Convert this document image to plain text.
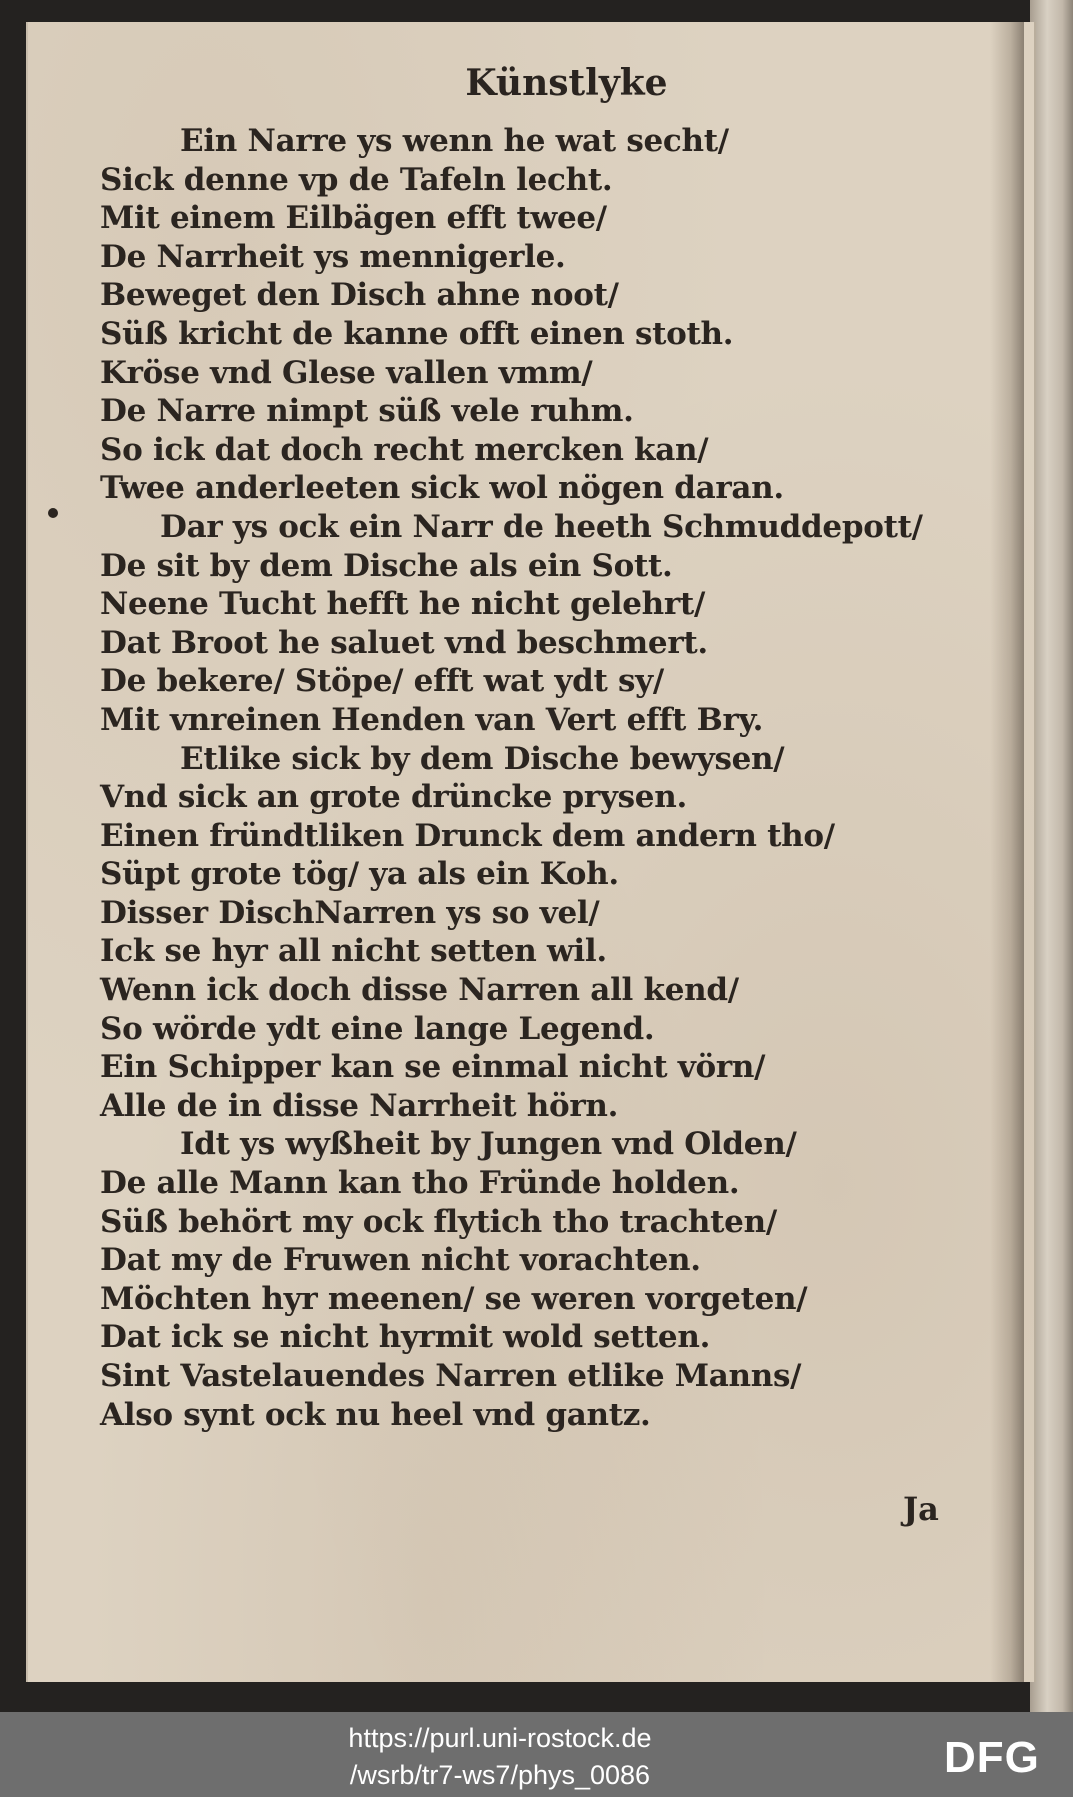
Künstlyke
Ein Narre ys wenn he wat secht/
Sick denne vp de Tafeln lecht.
Mit einem Eilbägen efft twee/
De Narrheit ys mennigerle.
Beweget den Disch ahne noot/
Süß kricht de kanne offt einen stoth.
Kröse vnd Glese vallen vmm/
De Narre nimpt süß vele ruhm.
So ick dat doch recht mercken kan/
Twee anderleeten sick wol nögen daran.
Dar ys ock ein Narr de heeth Schmuddepott/
De sit by dem Dische als ein Sott.
Neene Tucht hefft he nicht gelehrt/
Dat Broot he saluet vnd beschmert.
De bekere/ Stöpe/ efft wat ydt sy/
Mit vnreinen Henden van Vert efft Bry.
Etlike sick by dem Dische bewysen/
Vnd sick an grote drüncke prysen.
Einen fründtliken Drunck dem andern tho/
Süpt grote tög/ ya als ein Koh.
Disser DischNarren ys so vel/
Ick se hyr all nicht setten wil.
Wenn ick doch disse Narren all kend/
So wörde ydt eine lange Legend.
Ein Schipper kan se einmal nicht vörn/
Alle de in disse Narrheit hörn.
Idt ys wyßheit by Jungen vnd Olden/
De alle Mann kan tho Fründe holden.
Süß behört my ock flytich tho trachten/
Dat my de Fruwen nicht vorachten.
Möchten hyr meenen/ se weren vorgeten/
Dat ick se nicht hyrmit wold setten.
Sint Vastelauendes Narren etlike Manns/
Also synt ock nu heel vnd gantz.
Ja
https://purl.uni-rostock.de
/wsrb/tr7-ws7/phys_0086	DFG
